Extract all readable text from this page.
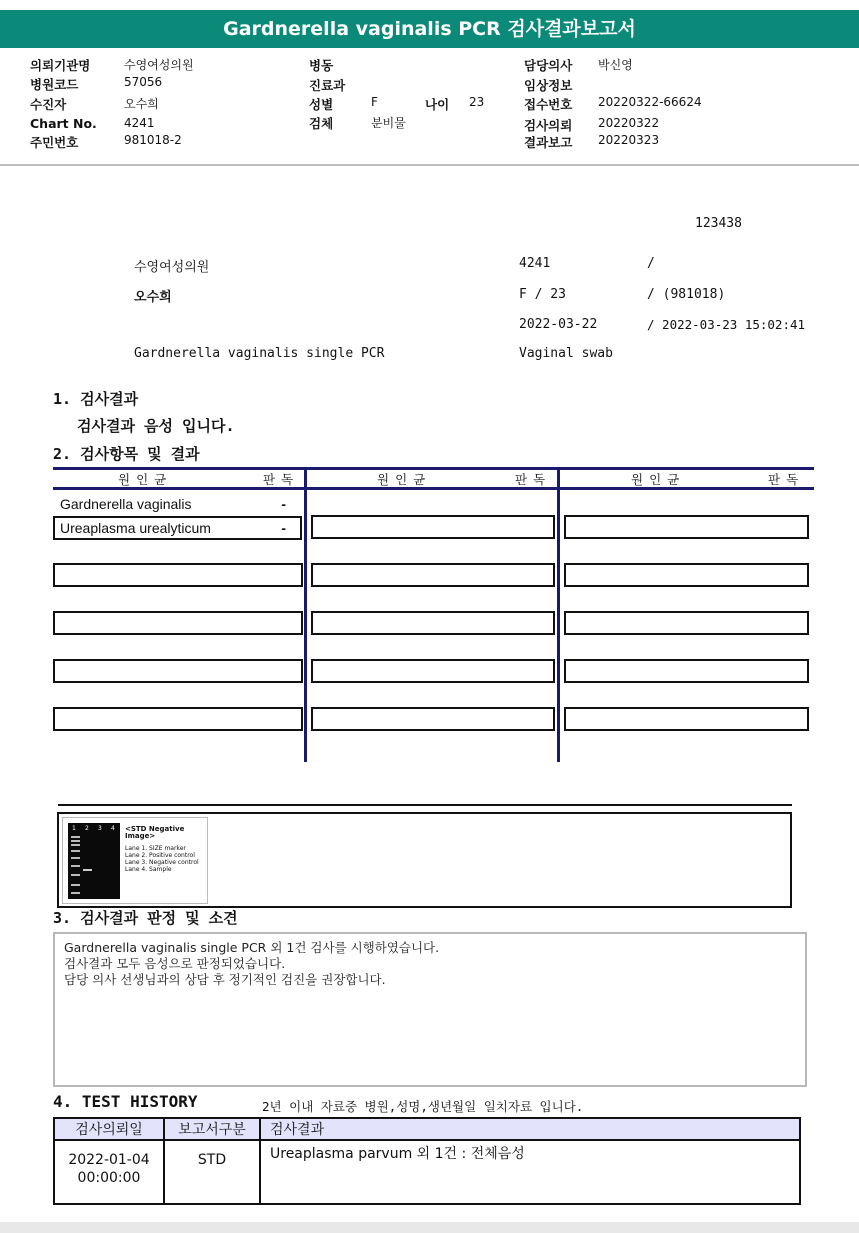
Gardnerella vaginalis PCR 검사결과보고서
의뢰기관명	수영여성의원
병원코드	57056
수진자	오수희
Chart No. 4241
주민번호	981018-2
병동
진료과
성별	F	나이 23
검체	분비물
담당의사 박신영
임상정보
접수번호 20220322-66624
검사의뢰 20220322
결과보고 20220323
123438
수영여성의원	4241	/
오수희	F / 23	/ (981018)
2022-03-22	/ 2022-03-23 15:02:41
Gardnerella vaginalis single PCR	Vaginal swab
1. 검사결과
검사결과 음성 입니다.
2. 검사항목 및 결과
원인균	판독	원인균	판독	원인균	판독
Gardnerella vaginalis	-
Ureaplasma urealyticum	-
1 2 3 4 <STD Negative Image>
Lane 1. SIZE marker
Lane 2. Positive control
Lane 3. Negative control
Lane 4. Sample
3. 검사결과 판정 및 소견
Gardnerella vaginalis single PCR 외 1건 검사를 시행하였습니다.
검사결과 모두 음성으로 판정되었습니다.
담당 의사 선생님과의 상담 후 정기적인 검진을 권장합니다.
4. TEST HISTORY	2년 이내 자료중 병원,성명,생년월일 일치자료 입니다.
검사의뢰일	보고서구분	검사결과

2022-01-04
00:00:00	STD	Ureaplasma parvum 외 1건 : 전체음성
